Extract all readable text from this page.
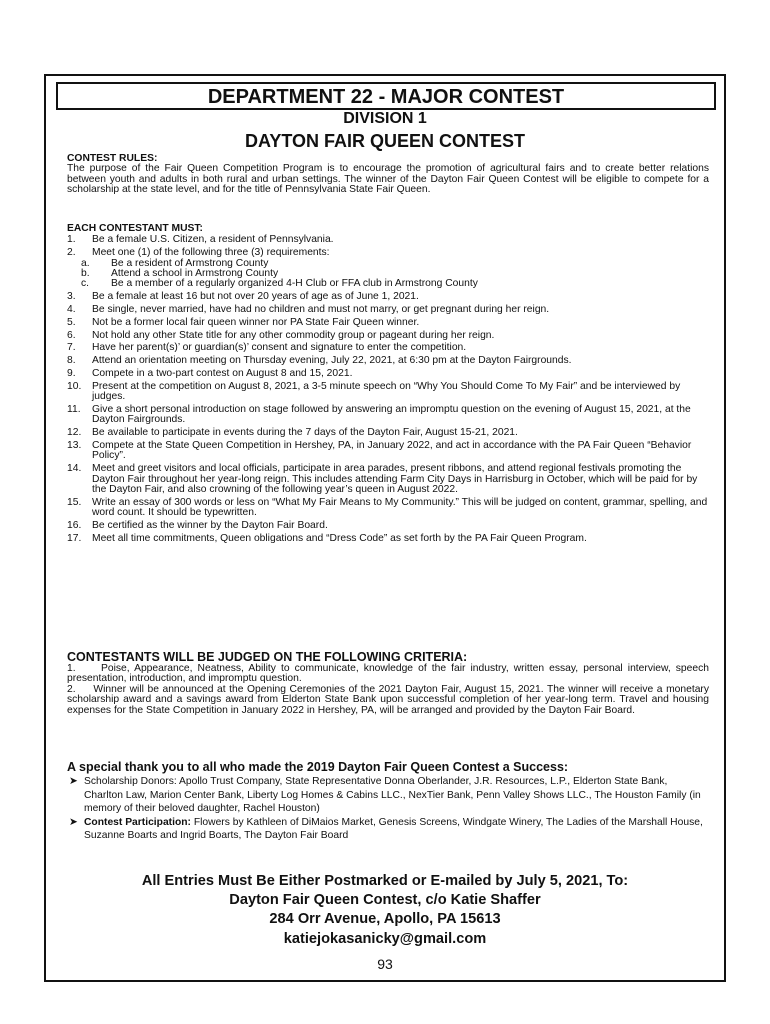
DEPARTMENT 22 - MAJOR CONTEST
DIVISION 1
DAYTON FAIR QUEEN CONTEST
CONTEST RULES:
The purpose of the Fair Queen Competition Program is to encourage the promotion of agricultural fairs and to create better relations between youth and adults in both rural and urban settings. The winner of the Dayton Fair Queen Contest will be eligible to compete for a scholarship at the state level, and for the title of Pennsylvania State Fair Queen.
EACH CONTESTANT MUST:
1. Be a female U.S. Citizen, a resident of Pennsylvania.
2. Meet one (1) of the following three (3) requirements:
a. Be a resident of Armstrong County
b. Attend a school in Armstrong County
c. Be a member of a regularly organized 4-H Club or FFA club in Armstrong County
3. Be a female at least 16 but not over 20 years of age as of June 1, 2021.
4. Be single, never married, have had no children and must not marry, or get pregnant during her reign.
5. Not be a former local fair queen winner nor PA State Fair Queen winner.
6. Not hold any other State title for any other commodity group or pageant during her reign.
7. Have her parent(s)’ or guardian(s)’ consent and signature to enter the competition.
8. Attend an orientation meeting on Thursday evening, July 22, 2021, at 6:30 pm at the Dayton Fairgrounds.
9. Compete in a two-part contest on August 8 and 15, 2021.
10. Present at the competition on August 8, 2021, a 3-5 minute speech on “Why You Should Come To My Fair” and be interviewed by judges.
11. Give a short personal introduction on stage followed by answering an impromptu question on the evening of August 15, 2021, at the Dayton Fairgrounds.
12. Be available to participate in events during the 7 days of the Dayton Fair, August 15-21, 2021.
13. Compete at the State Queen Competition in Hershey, PA, in January 2022, and act in accordance with the PA Fair Queen “Behavior Policy”.
14. Meet and greet visitors and local officials, participate in area parades, present ribbons, and attend regional festivals promoting the Dayton Fair throughout her year-long reign. This includes attending Farm City Days in Harrisburg in October, which will be paid for by the Dayton Fair, and also crowning of the following year’s queen in August 2022.
15. Write an essay of 300 words or less on “What My Fair Means to My Community.” This will be judged on content, grammar, spelling, and word count. It should be typewritten.
16. Be certified as the winner by the Dayton Fair Board.
17. Meet all time commitments, Queen obligations and “Dress Code” as set forth by the PA Fair Queen Program.
CONTESTANTS WILL BE JUDGED ON THE FOLLOWING CRITERIA:
1. Poise, Appearance, Neatness, Ability to communicate, knowledge of the fair industry, written essay, personal interview, speech presentation, introduction, and impromptu question.
2. Winner will be announced at the Opening Ceremonies of the 2021 Dayton Fair, August 15, 2021. The winner will receive a monetary scholarship award and a savings award from Elderton State Bank upon successful completion of her year-long term. Travel and housing expenses for the State Competition in January 2022 in Hershey, PA, will be arranged and provided by the Dayton Fair Board.
A special thank you to all who made the 2019 Dayton Fair Queen Contest a Success:
➤ Scholarship Donors: Apollo Trust Company, State Representative Donna Oberlander, J.R. Resources, L.P., Elderton State Bank, Charlton Law, Marion Center Bank, Liberty Log Homes & Cabins LLC., NexTier Bank, Penn Valley Shows LLC., The Houston Family (in memory of their beloved daughter, Rachel Houston)
➤ Contest Participation: Flowers by Kathleen of DiMaios Market, Genesis Screens, Windgate Winery, The Ladies of the Marshall House, Suzanne Boarts and Ingrid Boarts, The Dayton Fair Board
All Entries Must Be Either Postmarked or E-mailed by July 5, 2021, To:
Dayton Fair Queen Contest, c/o Katie Shaffer
284 Orr Avenue, Apollo, PA 15613
katiejokasanicky@gmail.com
93
